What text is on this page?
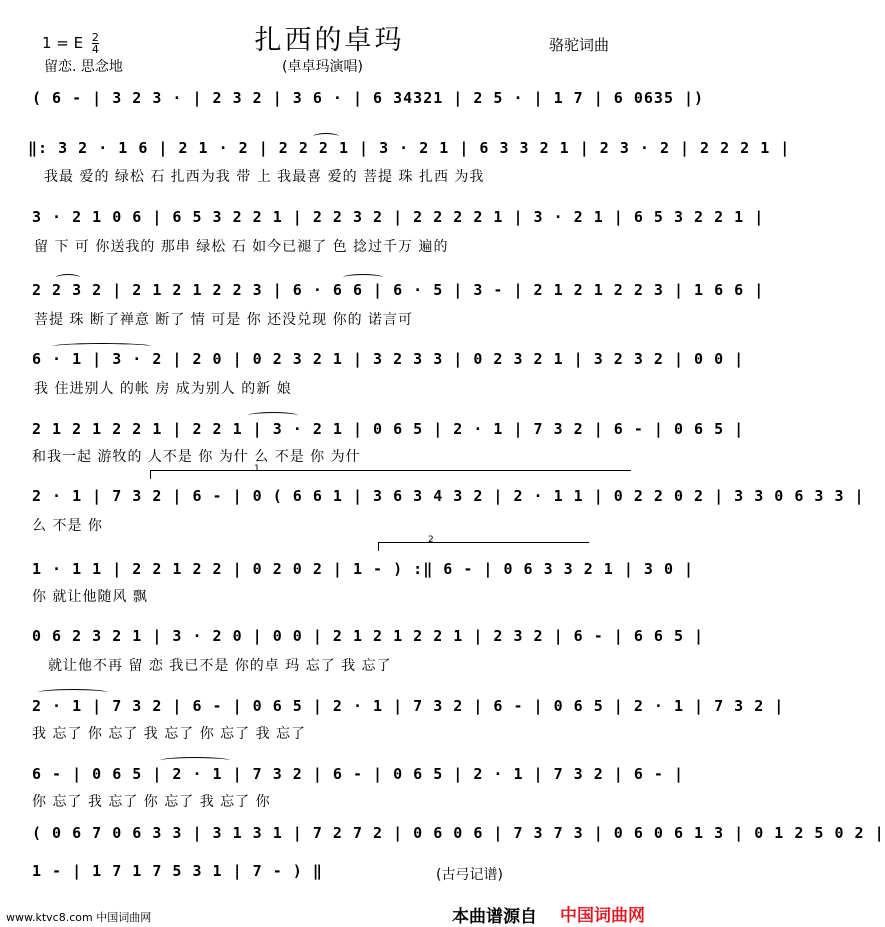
扎西的卓玛
1 = E $\frac{2}{4}$	骆驼词曲
留恋. 思念地	(卓卓玛演唱)
( 6 - | 3 2 3 · | 2 3 2 | 3 6 · | 6 34321 | 2 5 · | 1 7 | 6 0635 |)
‖: 3 2 · 1 6 | 2 1 · 2 | 2 2 2 1 | 3 · 2 1 | 6 3 3 2 1 | 2 3 · 2 | 2 2 2 1 |
我最 爱的 绿松 石 扎西为我 带 上 我最喜 爱的 菩提 珠 扎西 为我
3 · 2 1 0 6 | 6 5 3 2 2 1 | 2 2 3 2 | 2 2 2 2 1 | 3 · 2 1 | 6 5 3 2 2 1 |
留 下 可 你送我的 那串 绿松 石 如今已褪了 色 捻过千万 遍的
2 2 3 2 | 2 1 2 1 2 2 3 | 6 · 6 6 | 6 · 5 | 3 - | 2 1 2 1 2 2 3 | 1 6 6 |
菩提 珠 断了禅意 断了 情 可是 你 还没兑现 你的 诺言可
6 · 1 | 3 · 2 | 2 0 | 0 2 3 2 1 | 3 2 3 3 | 0 2 3 2 1 | 3 2 3 2 | 0 0 |
我 住进别人 的帐 房 成为别人 的新 娘
2 1 2 1 2 2 1 | 2 2 1 | 3 · 2 1 | 0 6 5 | 2 · 1 | 7 3 2 | 6 - | 0 6 5 |
和我一起 游牧的 人不是 你 为什 么 不是 你 为什
1
2 · 1 | 7 3 2 | 6 - | 0 ( 6 6 1 | 3 6 3 4 3 2 | 2 · 1 1 | 0 2 2 0 2 | 3 3 0 6 3 3 |
么 不是 你
2
1 · 1 1 | 2 2 1 2 2 | 0 2 0 2 | 1 - ) :‖ 6 - | 0 6 3 3 2 1 | 3 0 |
你 就让他随风 飘
0 6 2 3 2 1 | 3 · 2 0 | 0 0 | 2 1 2 1 2 2 1 | 2 3 2 | 6 - | 6 6 5 |
就让他不再 留 恋 我已不是 你的卓 玛 忘了 我 忘了
2 · 1 | 7 3 2 | 6 - | 0 6 5 | 2 · 1 | 7 3 2 | 6 - | 0 6 5 | 2 · 1 | 7 3 2 |
我 忘了 你 忘了 我 忘了 你 忘了 我 忘了
6 - | 0 6 5 | 2 · 1 | 7 3 2 | 6 - | 0 6 5 | 2 · 1 | 7 3 2 | 6 - |
你 忘了 我 忘了 你 忘了 我 忘了 你
( 0 6 7 0 6 3 3 | 3 1 3 1 | 7 2 7 2 | 0 6 0 6 | 7 3 7 3 | 0 6 0 6 1 3 | 0 1 2 5 0 2 |
1 - | 1 7 1 7 5 3 1 | 7 - ) ‖	(古弓记谱)
www.ktvc8.com 中国词曲网	本曲谱源自 中国词曲网
